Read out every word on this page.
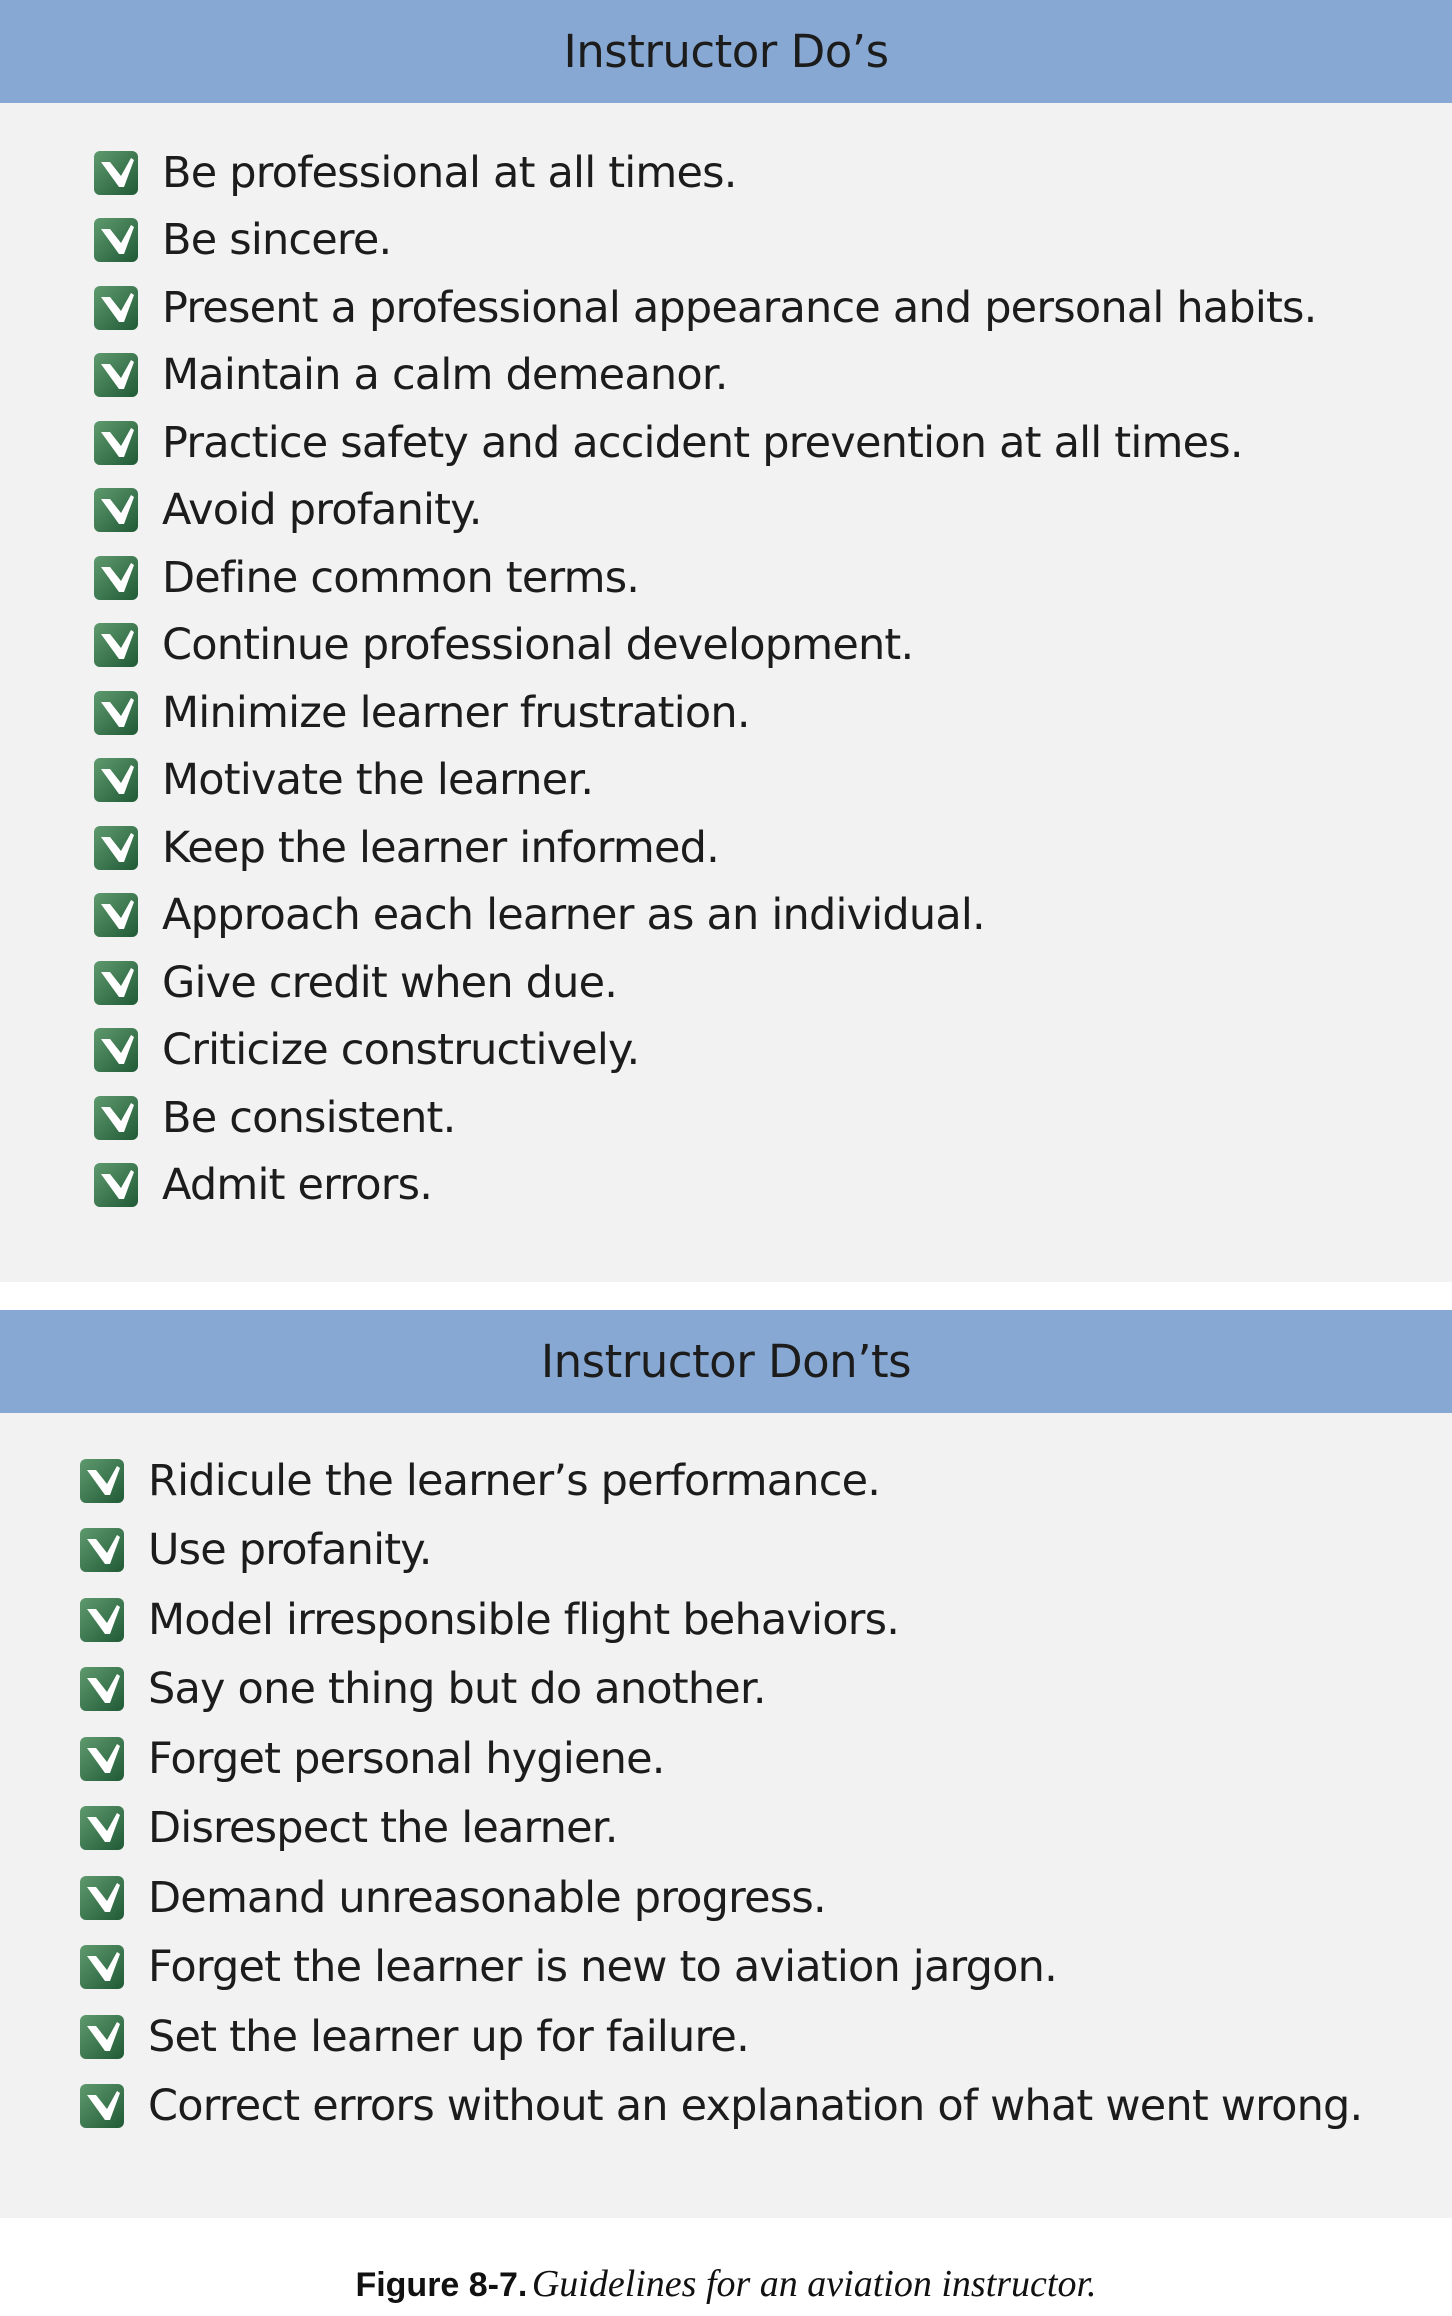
Instructor Do’s
Be professional at all times.
Be sincere.
Present a professional appearance and personal habits.
Maintain a calm demeanor.
Practice safety and accident prevention at all times.
Avoid profanity.
Define common terms.
Continue professional development.
Minimize learner frustration.
Motivate the learner.
Keep the learner informed.
Approach each learner as an individual.
Give credit when due.
Criticize constructively.
Be consistent.
Admit errors.
Instructor Don’ts
Ridicule the learner’s performance.
Use profanity.
Model irresponsible flight behaviors.
Say one thing but do another.
Forget personal hygiene.
Disrespect the learner.
Demand unreasonable progress.
Forget the learner is new to aviation jargon.
Set the learner up for failure.
Correct errors without an explanation of what went wrong.
Figure 8-7. Guidelines for an aviation instructor.
